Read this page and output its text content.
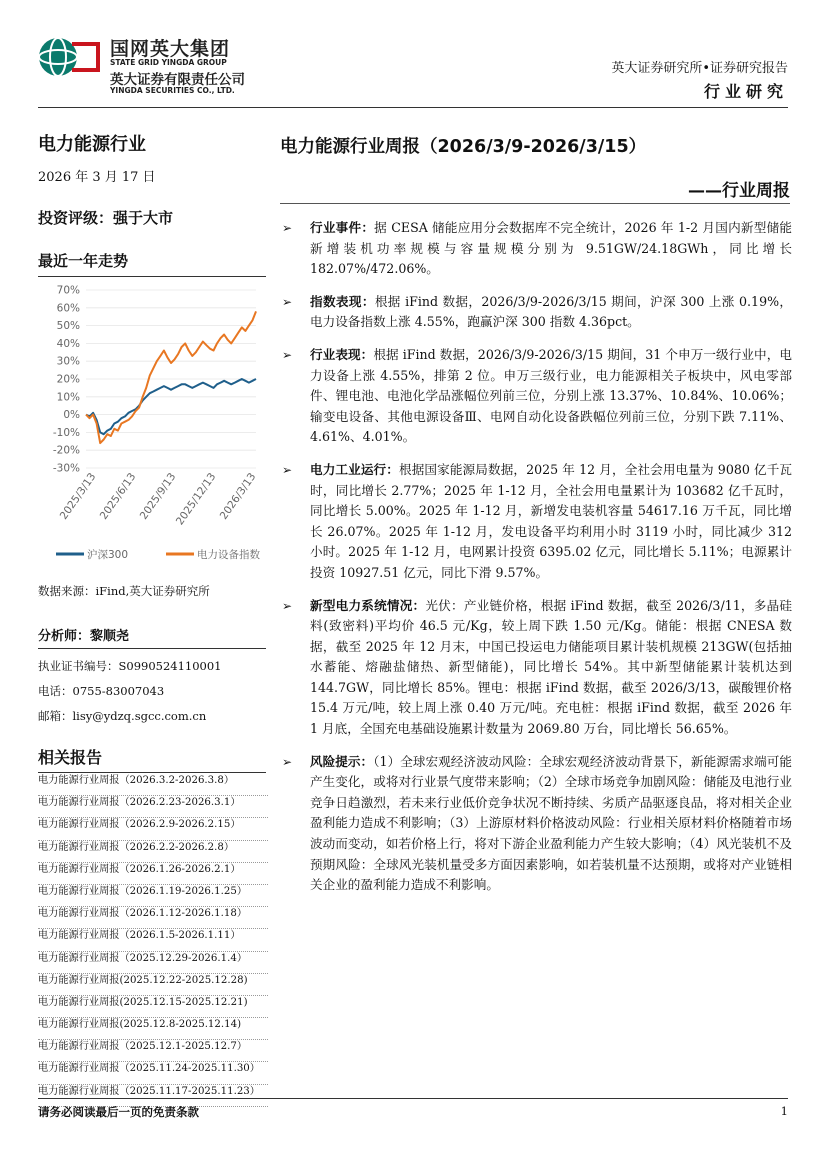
国网英大集团
STATE GRID YINGDA GROUP
英大证券有限责任公司
YINGDA SECURITIES CO., LTD.
英大证券研究所•证券研究报告
行业研究
电力能源行业
2026 年 3 月 17 日
投资评级：强于大市
最近一年走势
70%
60%
50%
40%
30%
20%
10%
0%
-10%
-20%
-30%
2025/3/13 2025/6/13 2025/9/13
2025/12/13 2026/3/13
沪深300	电力设备指数
数据来源：iFind,英大证券研究所
分析师：黎顺尧
执业证书编号：S0990524110001
电话：0755-83007043
邮箱：lisy@ydzq.sgcc.com.cn
相关报告
电力能源行业周报（2026.3.2-2026.3.8）
电力能源行业周报（2026.2.23-2026.3.1）
电力能源行业周报（2026.2.9-2026.2.15）
电力能源行业周报（2026.2.2-2026.2.8）
电力能源行业周报（2026.1.26-2026.2.1）
电力能源行业周报（2026.1.19-2026.1.25）
电力能源行业周报（2026.1.12-2026.1.18）
电力能源行业周报（2026.1.5-2026.1.11）
电力能源行业周报（2025.12.29-2026.1.4）
电力能源行业周报(2025.12.22-2025.12.28)
电力能源行业周报(2025.12.15-2025.12.21)
电力能源行业周报(2025.12.8-2025.12.14)
电力能源行业周报（2025.12.1-2025.12.7）
电力能源行业周报（2025.11.24-2025.11.30）
电力能源行业周报（2025.11.17-2025.11.23）
电力能源行业周报（2026/3/9-2026/3/15）
——行业周报
➢ 行业事件：据 CESA 储能应用分会数据库不完全统计，2026 年 1-2 月国内新型储能新增装机功率规模与容量规模分别为 9.51GW/24.18GWh，同比增长 182.07%/472.06%。
➢ 指数表现：根据 iFind 数据，2026/3/9-2026/3/15 期间，沪深 300 上涨 0.19%，电力设备指数上涨 4.55%，跑赢沪深 300 指数 4.36pct。
➢ 行业表现：根据 iFind 数据，2026/3/9-2026/3/15 期间，31 个申万一级行业中，电力设备上涨 4.55%，排第 2 位。申万三级行业，电力能源相关子板块中，风电零部件、锂电池、电池化学品涨幅位列前三位，分别上涨 13.37%、10.84%、10.06%；输变电设备、其他电源设备Ⅲ、电网自动化设备跌幅位列前三位，分别下跌 7.11%、4.61%、4.01%。
➢ 电力工业运行：根据国家能源局数据，2025 年 12 月，全社会用电量为 9080 亿千瓦时，同比增长 2.77%；2025 年 1-12 月，全社会用电量累计为 103682 亿千瓦时，同比增长 5.00%。2025 年 1-12 月，新增发电装机容量 54617.16 万千瓦，同比增长 26.07%。2025 年 1-12 月，发电设备平均利用小时 3119 小时，同比减少 312 小时。2025 年 1-12 月，电网累计投资 6395.02 亿元，同比增长 5.11%；电源累计投资 10927.51 亿元，同比下滑 9.57%。
➢ 新型电力系统情况：光伏：产业链价格，根据 iFind 数据，截至 2026/3/11，多晶硅料(致密料)平均价 46.5 元/Kg，较上周下跌 1.50 元/Kg。储能：根据 CNESA 数据，截至 2025 年 12 月末，中国已投运电力储能项目累计装机规模 213GW(包括抽水蓄能、熔融盐储热、新型储能)，同比增长 54%。其中新型储能累计装机达到 144.7GW，同比增长 85%。锂电：根据 iFind 数据，截至 2026/3/13，碳酸锂价格 15.4 万元/吨，较上周上涨 0.40 万元/吨。充电桩：根据 iFind 数据，截至 2026 年 1 月底，全国充电基础设施累计数量为 2069.80 万台，同比增长 56.65%。
➢ 风险提示：（1）全球宏观经济波动风险：全球宏观经济波动背景下，新能源需求端可能产生变化，或将对行业景气度带来影响；（2）全球市场竞争加剧风险：储能及电池行业竞争日趋激烈，若未来行业低价竞争状况不断持续、劣质产品驱逐良品，将对相关企业盈利能力造成不利影响；（3）上游原材料价格波动风险：行业相关原材料价格随着市场波动而变动，如若价格上行，将对下游企业盈利能力产生较大影响；（4）风光装机不及预期风险：全球风光装机量受多方面因素影响，如若装机量不达预期，或将对产业链相关企业的盈利能力造成不利影响。
请务必阅读最后一页的免责条款	1
